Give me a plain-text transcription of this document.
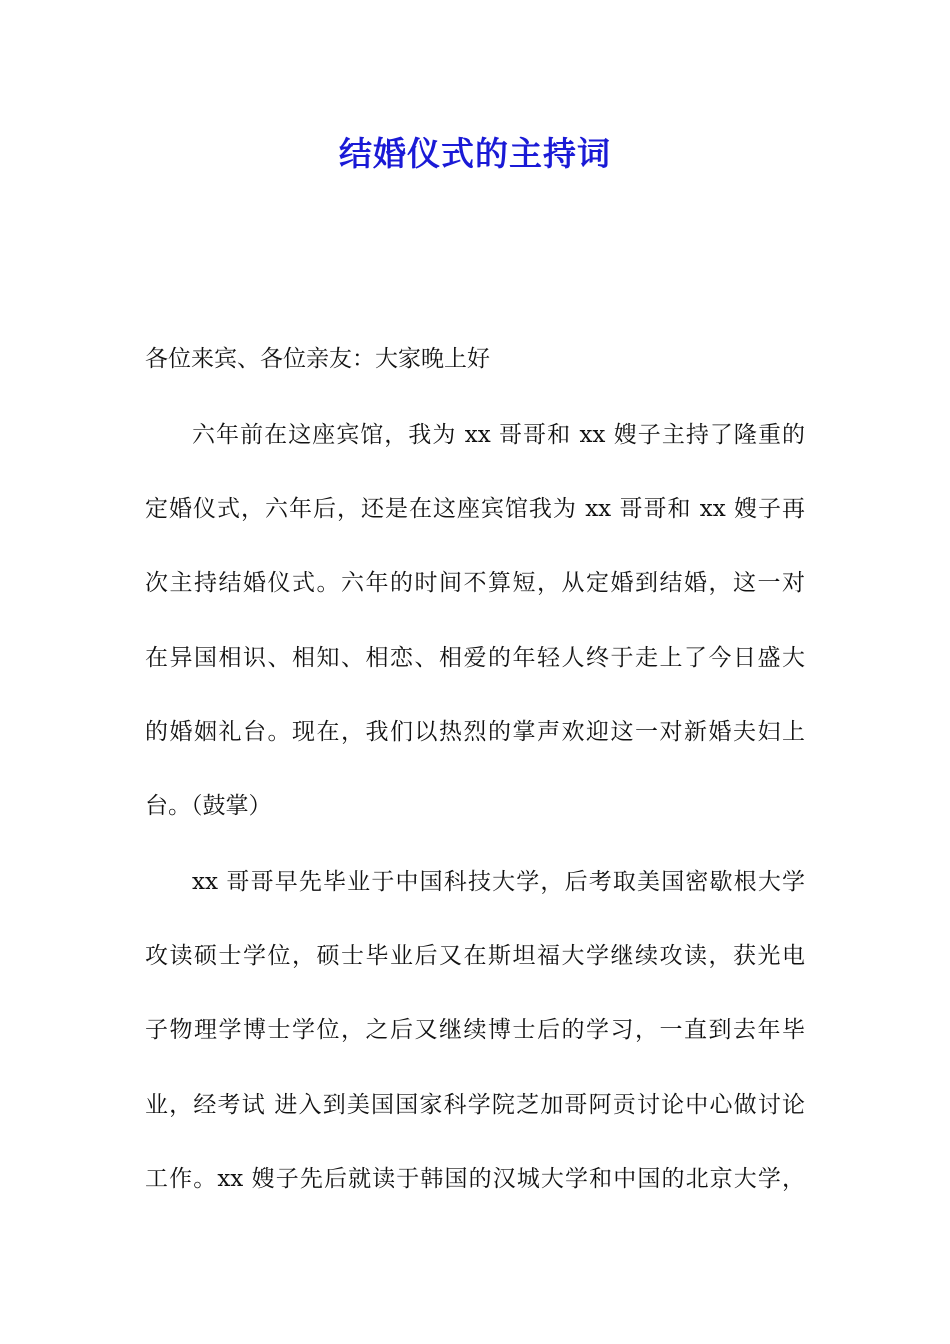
结婚仪式的主持词
各位来宾、各位亲友：大家晚上好
六年前在这座宾馆，我为 xx 哥哥和 xx 嫂子主持了隆重的
定婚仪式，六年后，还是在这座宾馆我为 xx 哥哥和 xx 嫂子再
次主持结婚仪式。六年的时间不算短，从定婚到结婚，这一对
在异国相识、相知、相恋、相爱的年轻人终于走上了今日盛大
的婚姻礼台。现在，我们以热烈的掌声欢迎这一对新婚夫妇上
台。（鼓掌）
xx 哥哥早先毕业于中国科技大学，后考取美国密歇根大学
攻读硕士学位，硕士毕业后又在斯坦福大学继续攻读，获光电
子物理学博士学位，之后又继续博士后的学习，一直到去年毕
业，经考试 进入到美国国家科学院芝加哥阿贡讨论中心做讨论
工作。xx 嫂子先后就读于韩国的汉城大学和中国的北京大学，
